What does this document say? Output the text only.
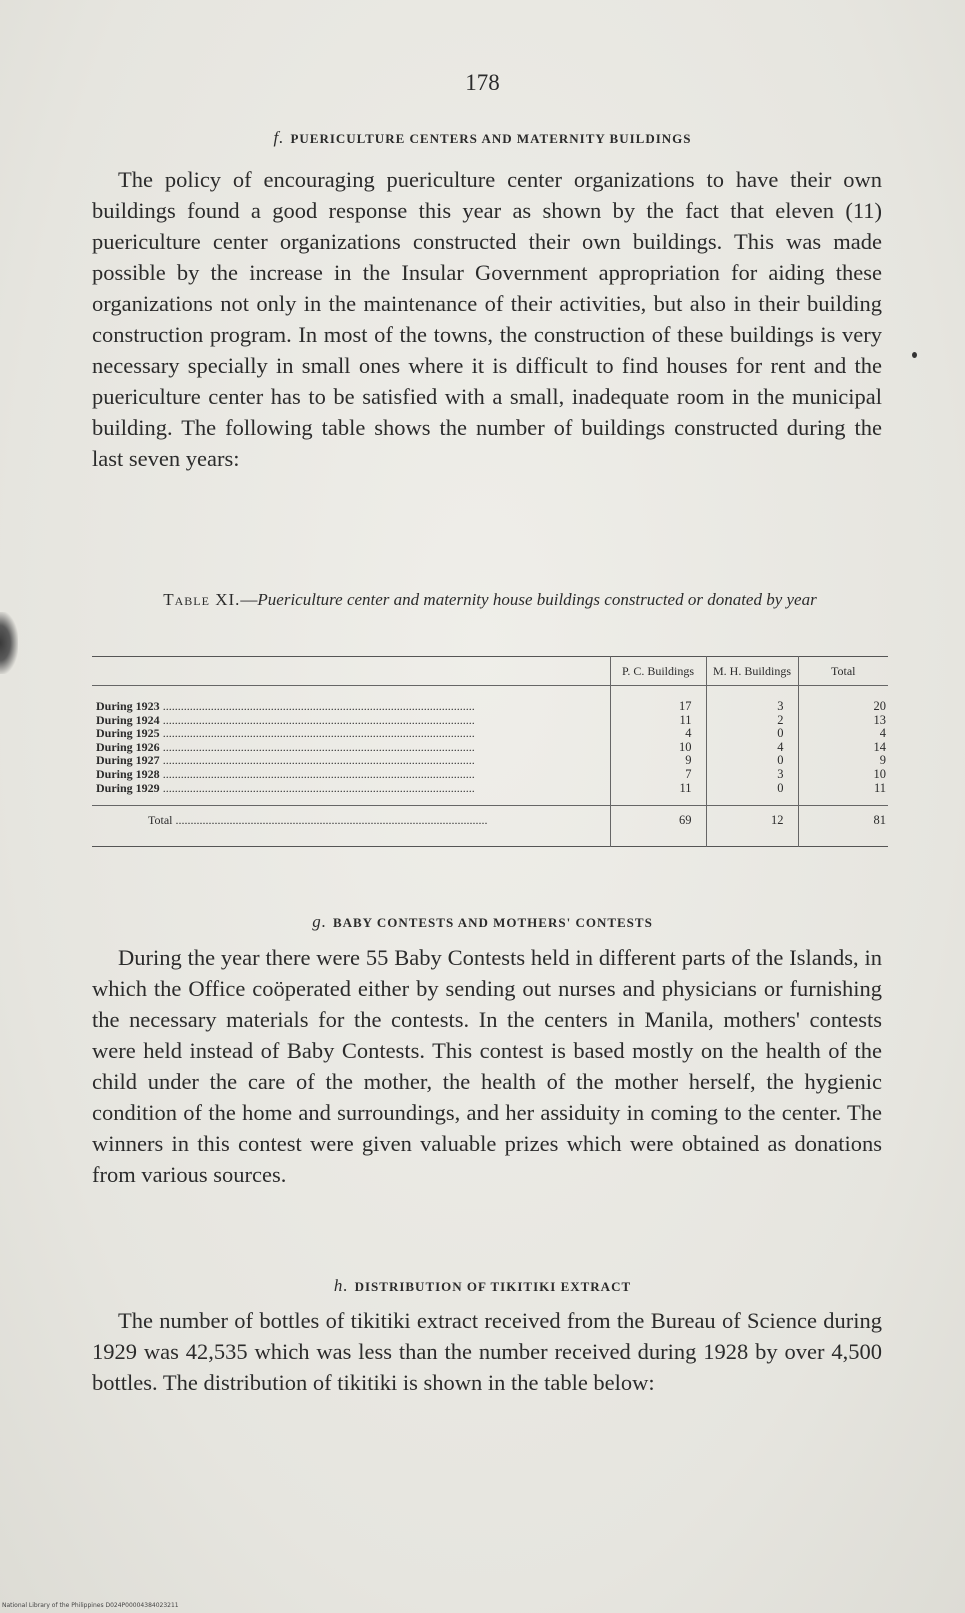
178
f. PUERICULTURE CENTERS AND MATERNITY BUILDINGS

The policy of encouraging puericulture center organizations to have their own buildings found a good response this year as shown by the fact that eleven (11) puericulture center organizations constructed their own buildings. This was made possible by the increase in the Insular Government appropriation for aiding these organizations not only in the maintenance of their activities, but also in their building construction program. In most of the towns, the construction of these buildings is very necessary specially in small ones where it is difficult to find houses for rent and the puericulture center has to be satisfied with a small, inadequate room in the municipal building. The following table shows the number of buildings constructed during the last seven years:

Table XI.—Puericulture center and maternity house buildings constructed or donated by year
	P. C. Buildings	M. H. Buildings	Total
During 1923 .....	17	3	20
During 1924 .....	11	2	13
During 1925 .....	4	0	4
During 1926 .....	10	4	14
During 1927 .....	9	0	9
During 1928 .....	7	3	10
During 1929 .....	11	0	11
Total .....	69	12	81
g. BABY CONTESTS AND MOTHERS' CONTESTS

During the year there were 55 Baby Contests held in different parts of the Islands, in which the Office coöperated either by sending out nurses and physicians or furnishing the necessary materials for the contests. In the centers in Manila, mothers' contests were held instead of Baby Contests. This contest is based mostly on the health of the child under the care of the mother, the health of the mother herself, the hygienic condition of the home and surroundings, and her assiduity in coming to the center. The winners in this contest were given valuable prizes which were obtained as donations from various sources.

h. DISTRIBUTION OF TIKITIKI EXTRACT

The number of bottles of tikitiki extract received from the Bureau of Science during 1929 was 42,535 which was less than the number received during 1928 by over 4,500 bottles. The distribution of tikitiki is shown in the table below:

National Library of the Philippines D024P00004384023211
